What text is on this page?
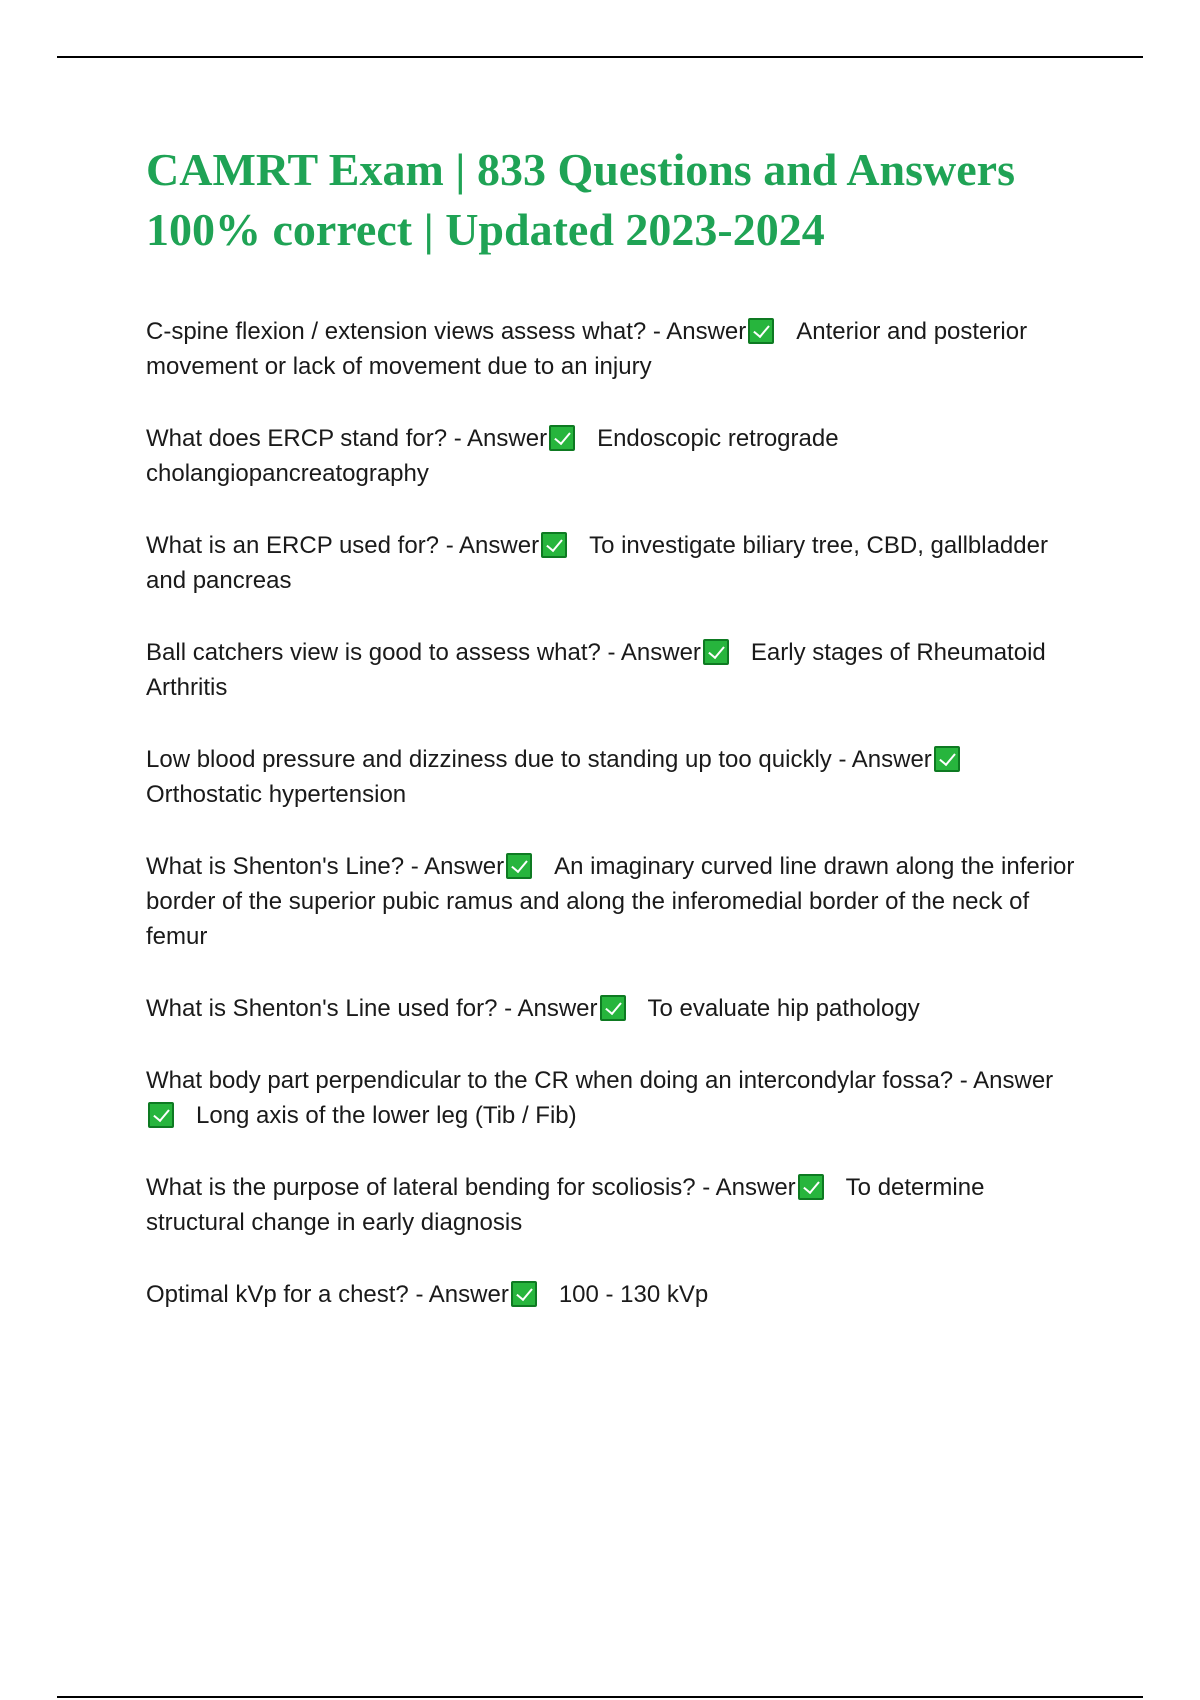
CAMRT Exam | 833 Questions and Answers 100% correct | Updated 2023-2024
C-spine flexion / extension views assess what? - Answer Anterior and posterior movement or lack of movement due to an injury
What does ERCP stand for? - Answer Endoscopic retrograde cholangiopancreatography
What is an ERCP used for? - Answer To investigate biliary tree, CBD, gallbladder and pancreas
Ball catchers view is good to assess what? - Answer Early stages of Rheumatoid Arthritis
Low blood pressure and dizziness due to standing up too quickly - AnswerOrthostatic hypertension
What is Shenton's Line? - Answer An imaginary curved line drawn along the inferior border of the superior pubic ramus and along the inferomedial border of the neck of femur
What is Shenton's Line used for? - Answer To evaluate hip pathology
What body part perpendicular to the CR when doing an intercondylar fossa? - AnswerLong axis of the lower leg (Tib / Fib)
What is the purpose of lateral bending for scoliosis? - Answer To determine structural change in early diagnosis
Optimal kVp for a chest? - Answer 100 - 130 kVp
